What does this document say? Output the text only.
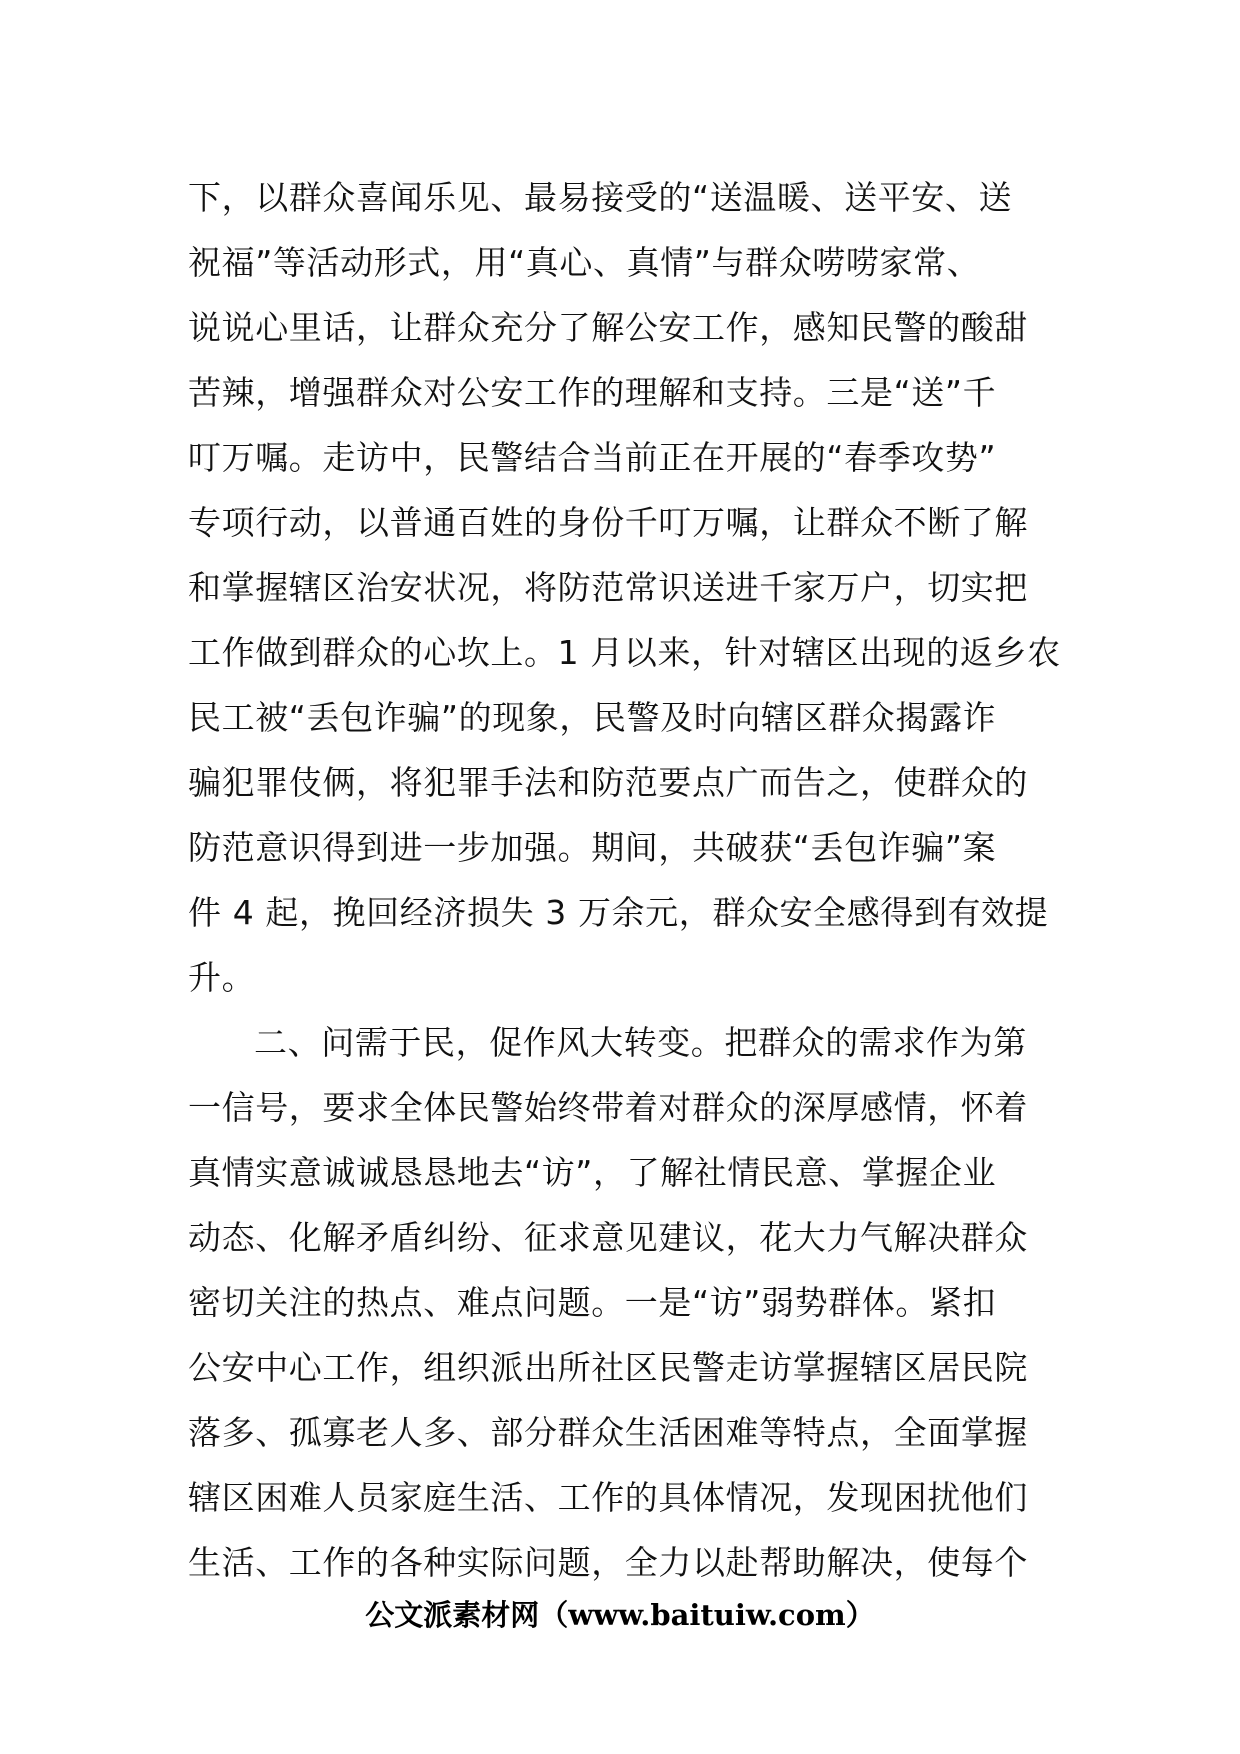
下，以群众喜闻乐见、最易接受的“送温暖、送平安、送
祝福”等活动形式，用“真心、真情”与群众唠唠家常、
说说心里话，让群众充分了解公安工作，感知民警的酸甜
苦辣，增强群众对公安工作的理解和支持。三是“送”千
叮万嘱。走访中，民警结合当前正在开展的“春季攻势”
专项行动，以普通百姓的身份千叮万嘱，让群众不断了解
和掌握辖区治安状况，将防范常识送进千家万户，切实把
工作做到群众的心坎上。1 月以来，针对辖区出现的返乡农
民工被“丢包诈骗”的现象，民警及时向辖区群众揭露诈
骗犯罪伎俩，将犯罪手法和防范要点广而告之，使群众的
防范意识得到进一步加强。期间，共破获“丢包诈骗”案
件 4 起，挽回经济损失 3 万余元，群众安全感得到有效提
升。
二、问需于民，促作风大转变。把群众的需求作为第
一信号，要求全体民警始终带着对群众的深厚感情，怀着
真情实意诚诚恳恳地去“访”，了解社情民意、掌握企业
动态、化解矛盾纠纷、征求意见建议，花大力气解决群众
密切关注的热点、难点问题。一是“访”弱势群体。紧扣
公安中心工作，组织派出所社区民警走访掌握辖区居民院
落多、孤寡老人多、部分群众生活困难等特点，全面掌握
辖区困难人员家庭生活、工作的具体情况，发现困扰他们
生活、工作的各种实际问题，全力以赴帮助解决，使每个
公文派素材网（www.baituiw.com）
